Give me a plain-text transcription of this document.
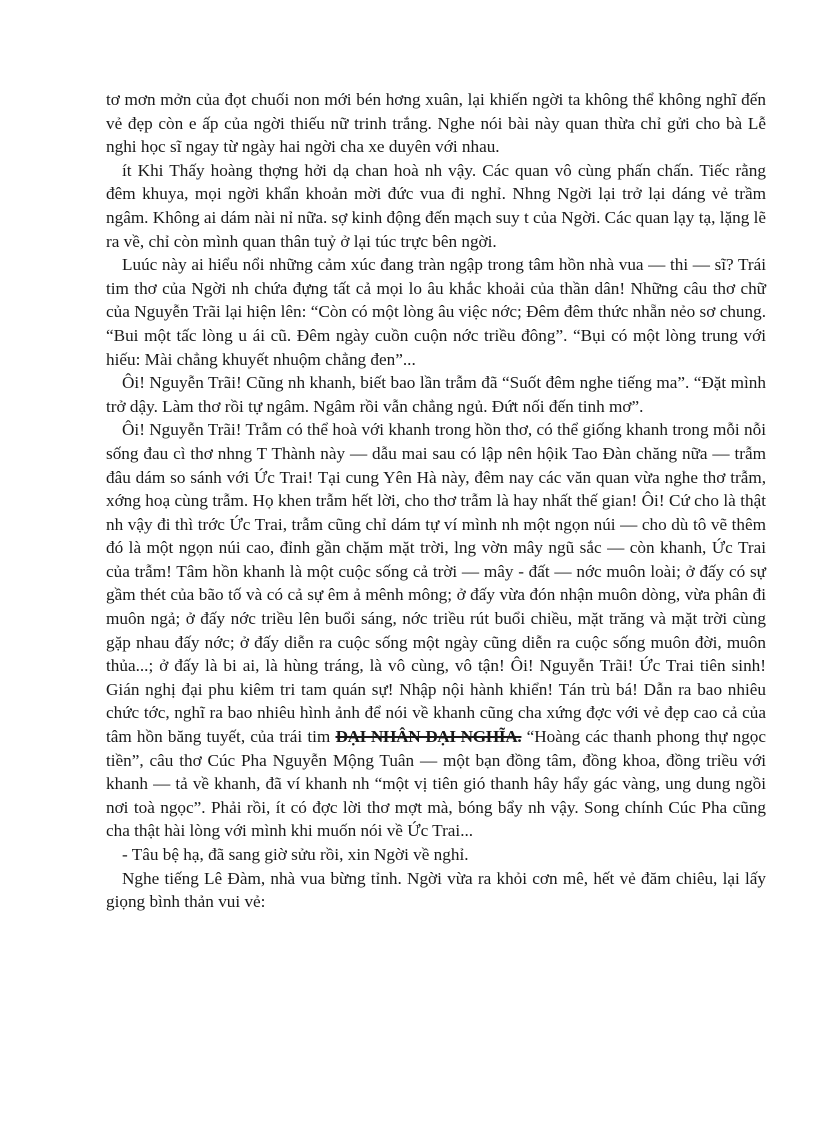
tơ mơn mởn của đọt chuối non mới bén hơng xuân, lại khiến ngời ta không thể không nghĩ đến vẻ đẹp còn e ấp của ngời thiếu nữ trinh trắng. Nghe nói bài này quan thừa chỉ gửi cho bà Lễ nghi học sĩ ngay từ ngày hai ngời cha xe duyên với nhau.

ít Khi Thấy hoàng thợng hởi dạ chan hoà nh vậy. Các quan vô cùng phấn chấn. Tiếc rằng đêm khuya, mọi ngời khẩn khoản mời đức vua đi nghỉ. Nhng Ngời lại trở lại dáng vẻ trầm ngâm. Không ai dám nài nỉ nữa. sợ kinh động đến mạch suy t của Ngời. Các quan lạy tạ, lặng lẽ ra về, chỉ còn mình quan thân tuỷ ở lại túc trực bên ngời.

Luúc này ai hiểu nổi những cảm xúc đang tràn ngập trong tâm hồn nhà vua — thi — sĩ? Trái tim thơ của Ngời nh chứa đựng tất cả mọi lo âu khắc khoải của thần dân! Những câu thơ chữ của Nguyễn Trãi lại hiện lên: “Còn có một lòng âu việc nớc; Đêm đêm thức nhẵn nẻo sơ chung. “Bui một tấc lòng u ái cũ. Đêm ngày cuồn cuộn nớc triều đông”. “Bụi có một lòng trung với hiếu: Mài chẳng khuyết nhuộm chẳng đen”...

Ôi! Nguyễn Trãi! Cũng nh khanh, biết bao lần trẫm đã “Suốt đêm nghe tiếng ma”. “Đặt mình trở dậy. Làm thơ rồi tự ngâm. Ngâm rồi vẫn chẳng ngủ. Đứt nối đến tinh mơ”.

Ôi! Nguyễn Trãi! Trẫm có thể hoà với khanh trong hồn thơ, có thể giống khanh trong mỗi nỗi sống đau cì thơ nhng T Thành này — dẫu mai sau có lập nên hộik Tao Đàn chăng nữa — trẫm đâu dám so sánh với Ức Trai! Tại cung Yên Hà này, đêm nay các văn quan vừa nghe thơ trẫm, xớng hoạ cùng trẫm. Họ khen trẫm hết lời, cho thơ trẫm là hay nhất thế gian! Ôi! Cứ cho là thật nh vậy đi thì trớc Ức Trai, trẫm cũng chỉ dám tự ví mình nh một ngọn núi — cho dù tô vẽ thêm đó là một ngọn núi cao, đỉnh gần chặm mặt trời, lng vờn mây ngũ sắc — còn khanh, Ức Trai của trẫm! Tâm hồn khanh là một cuộc sống cả trời — mây - đất — nớc muôn loài; ở đấy có sự gầm thét của bão tố và có cả sự êm ả mênh mông; ở đấy vừa đón nhận muôn dòng, vừa phân đi muôn ngả; ở đấy nớc triều lên buổi sáng, nớc triều rút buổi chiều, mặt trăng và mặt trời cùng gặp nhau đấy nớc; ở đấy diễn ra cuộc sống một ngày cũng diễn ra cuộc sống muôn đời, muôn thủa...; ở đấy là bi ai, là hùng tráng, là vô cùng, vô tận! Ôi! Nguyễn Trãi! Ức Trai tiên sinh! Gián nghị đại phu kiêm tri tam quán sự! Nhập nội hành khiển! Tán trù bá! Dẫn ra bao nhiêu chức tớc, nghĩ ra bao nhiêu hình ảnh để nói về khanh cũng cha xứng đợc với vẻ đẹp cao cả của tâm hồn băng tuyết, của trái tim ĐẠI NHÂN ĐẠI NGHĨA. “Hoàng các thanh phong thự ngọc tiền”, câu thơ Cúc Pha Nguyễn Mộng Tuân — một bạn đồng tâm, đồng khoa, đồng triều với khanh — tả về khanh, đã ví khanh nh “một vị tiên gió thanh hây hẩy gác vàng, ung dung ngồi nơi toà ngọc”. Phải rồi, ít có đợc lời thơ mợt mà, bóng bẩy nh vậy. Song chính Cúc Pha cũng cha thật hài lòng với mình khi muốn nói về Ức Trai...

- Tâu bệ hạ, đã sang giờ sửu rồi, xin Ngời về nghỉ.

Nghe tiếng Lê Đàm, nhà vua bừng tỉnh. Ngời vừa ra khỏi cơn mê, hết vẻ đăm chiêu, lại lấy giọng bình thản vui vẻ:
